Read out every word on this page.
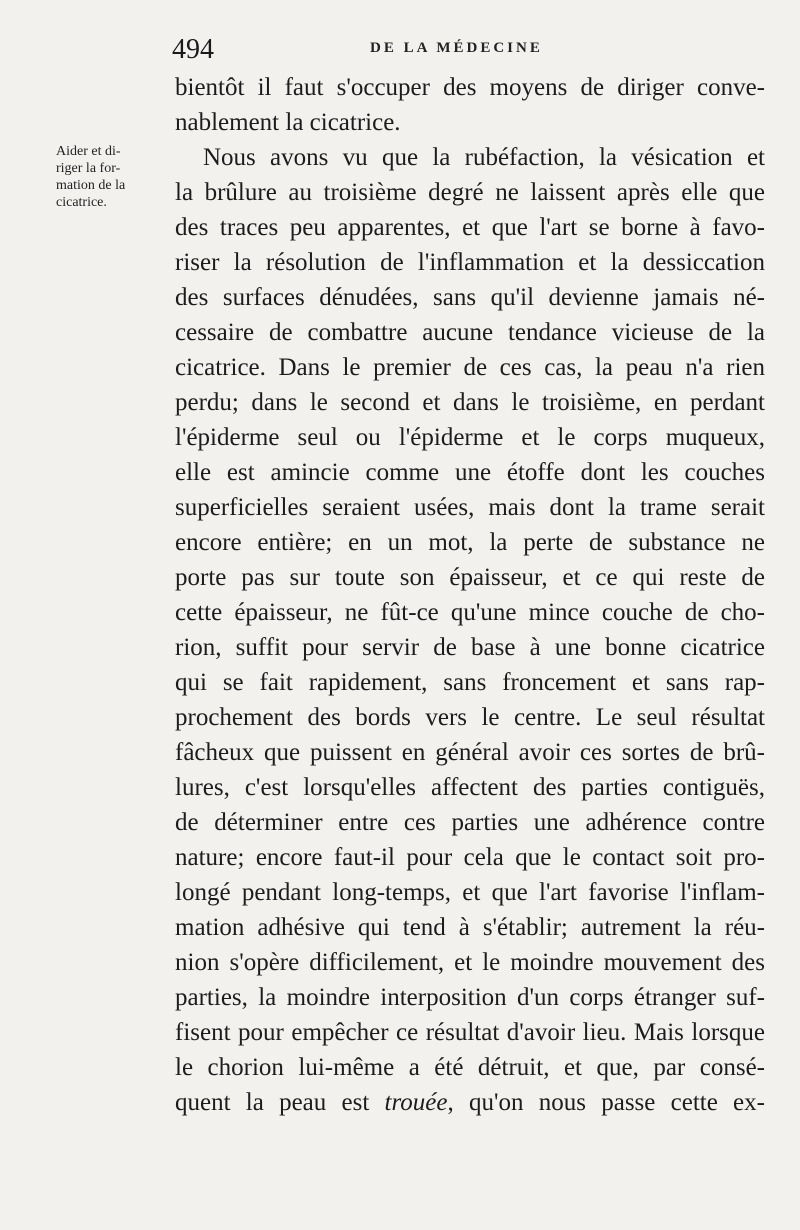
494	DE LA MÉDECINE
Aider et di-
riger la for-
mation de la
cicatrice.
bientôt il faut s'occuper des moyens de diriger conve-
nablement la cicatrice.
Nous avons vu que la rubéfaction, la vésication et
la brûlure au troisième degré ne laissent après elle que
des traces peu apparentes, et que l'art se borne à favo-
riser la résolution de l'inflammation et la dessiccation
des surfaces dénudées, sans qu'il devienne jamais né-
cessaire de combattre aucune tendance vicieuse de la
cicatrice. Dans le premier de ces cas, la peau n'a rien
perdu; dans le second et dans le troisième, en perdant
l'épiderme seul ou l'épiderme et le corps muqueux,
elle est amincie comme une étoffe dont les couches
superficielles seraient usées, mais dont la trame serait
encore entière; en un mot, la perte de substance ne
porte pas sur toute son épaisseur, et ce qui reste de
cette épaisseur, ne fût-ce qu'une mince couche de cho-
rion, suffit pour servir de base à une bonne cicatrice
qui se fait rapidement, sans froncement et sans rap-
prochement des bords vers le centre. Le seul résultat
fâcheux que puissent en général avoir ces sortes de brû-
lures, c'est lorsqu'elles affectent des parties contiguës,
de déterminer entre ces parties une adhérence contre
nature; encore faut-il pour cela que le contact soit pro-
longé pendant long-temps, et que l'art favorise l'inflam-
mation adhésive qui tend à s'établir; autrement la réu-
nion s'opère difficilement, et le moindre mouvement des
parties, la moindre interposition d'un corps étranger suf-
fisent pour empêcher ce résultat d'avoir lieu. Mais lorsque
le chorion lui-même a été détruit, et que, par consé-
quent la peau est trouée, qu'on nous passe cette ex-
